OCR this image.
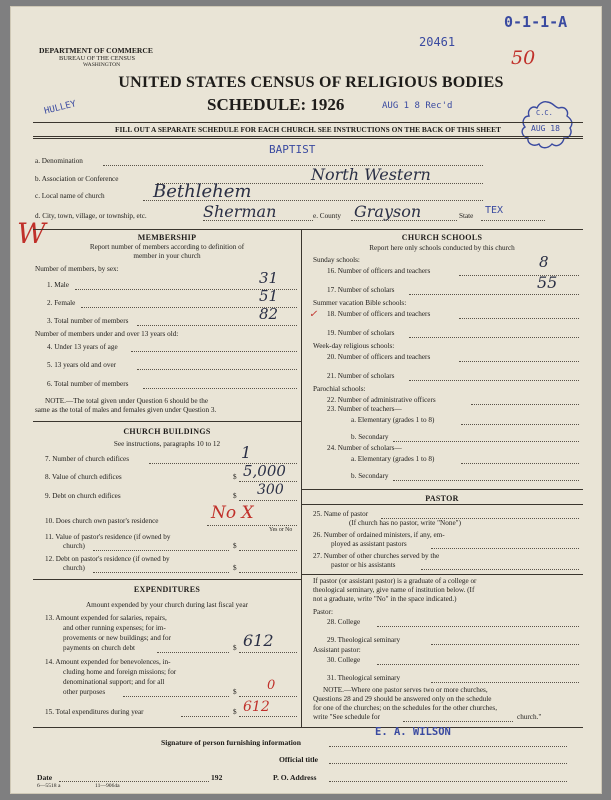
0-1-1-A
20461
50
DEPARTMENT OF COMMERCE
BUREAU OF THE CENSUS
WASHINGTON
UNITED STATES CENSUS OF RELIGIOUS BODIES
SCHEDULE: 1926	AUG 1 8 Rec'd
HULLEY	C.C.
AUG 18
FILL OUT A SEPARATE SCHEDULE FOR EACH CHURCH. SEE INSTRUCTIONS ON THE BACK OF THIS SHEET
BAPTIST
a. Denomination
b. Association or Conference	North Western
c. Local name of church	Bethlehem
d. City, town, village, or township, etc.	Sherman	e. County Grayson	State TEX
W	MEMBERSHIP
Report number of members according to definition of
member in your church
Number of members, by sex:
1. Male	31
2. Female	51
3. Total number of members	82
Number of members under and over 13 years old:
4. Under 13 years of age
5. 13 years old and over
6. Total number of members
NOTE.—The total given under Question 6 should be the
same as the total of males and females given under Question 3.
CHURCH BUILDINGS
See instructions, paragraphs 10 to 12
7. Number of church edifices	1
8. Value of church edifices	$ 5,000
9. Debt on church edifices	$ 300
10. Does church own pastor's residence	No X
Yes or No
11. Value of pastor's residence (if owned by
church)	$
12. Debt on pastor's residence (if owned by
church)	$
EXPENDITURES
Amount expended by your church during last fiscal year
13. Amount expended for salaries, repairs,
and other running expenses; for im-
provements or new buildings; and for
payments on church debt	$ 612
14. Amount expended for benevolences, in-
cluding home and foreign missions; for
denominational support; and for all
other purposes	$ 0
15. Total expenditures during year	$ 612
CHURCH SCHOOLS
Report here only schools conducted by this church
Sunday schools:
16. Number of officers and teachers	8
17. Number of scholars	55
Summer vacation Bible schools:
✓ 18. Number of officers and teachers
19. Number of scholars
Week-day religious schools:
20. Number of officers and teachers
21. Number of scholars
Parochial schools:
22. Number of administrative officers
23. Number of teachers—
a. Elementary (grades 1 to 8)
b. Secondary
24. Number of scholars—
a. Elementary (grades 1 to 8)
b. Secondary
PASTOR
25. Name of pastor
(If church has no pastor, write "None")
26. Number of ordained ministers, if any, em-
ployed as assistant pastors
27. Number of other churches served by the
pastor or his assistants
If pastor (or assistant pastor) is a graduate of a college or
theological seminary, give name of institution below. (If
not a graduate, write "No" in the space indicated.)
Pastor:
28. College
29. Theological seminary
Assistant pastor:
30. College
31. Theological seminary
NOTE.—Where one pastor serves two or more churches,
Questions 28 and 29 should be answered only on the schedule
for one of the churches; on the schedules for the other churches,
write "See schedule for	church."
Signature of person furnishing information
E. A. WILSON
Official title
Date	192	P. O. Address
6—5518 a	11—9064a
